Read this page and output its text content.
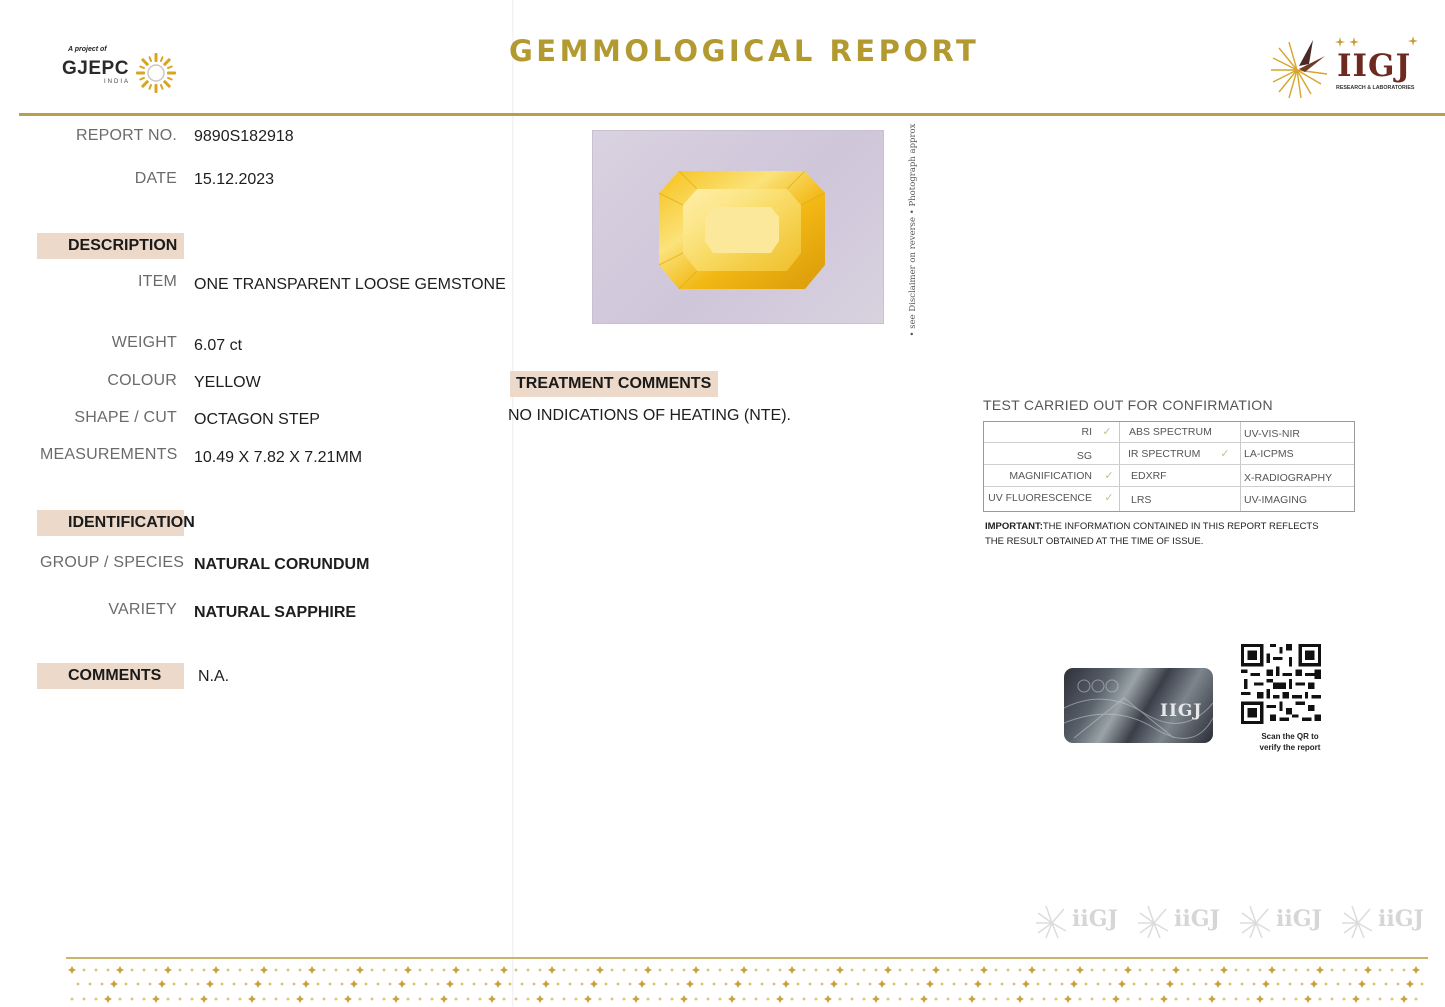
A project of
GJEPC
INDIA
GEMMOLOGICAL REPORT	IIGJ
RESEARCH & LABORATORIES
REPORT NO. 9890S182918
DATE 15.12.2023
DESCRIPTION
ITEM ONE TRANSPARENT LOOSE GEMSTONE
WEIGHT 6.07 ct
COLOUR YELLOW
SHAPE / CUT OCTAGON STEP
MEASUREMENTS 10.49 X 7.82 X 7.21MM
IDENTIFICATION
GROUP / SPECIES NATURAL CORUNDUM
VARIETY NATURAL SAPPHIRE
COMMENTS	N.A.
• see Disclaimer on reverse • Photograph approx
TREATMENT COMMENTS
NO INDICATIONS OF HEATING (NTE).
TEST CARRIED OUT FOR CONFIRMATION
RI ✓	ABS SPECTRUM	UV-VIS-NIR
SG	IR SPECTRUM	✓	LA-ICPMS
MAGNIFICATION	✓	EDXRF	X-RADIOGRAPHY
UV FLUORESCENCE	✓	LRS	UV-IMAGING
IMPORTANT:THE INFORMATION CONTAINED IN THIS REPORT REFLECTS THE RESULT OBTAINED AT THE TIME OF ISSUE.
IIGJ
Scan the QR to verify the report
iiGJ	iiGJ	iiGJ	iiGJ
